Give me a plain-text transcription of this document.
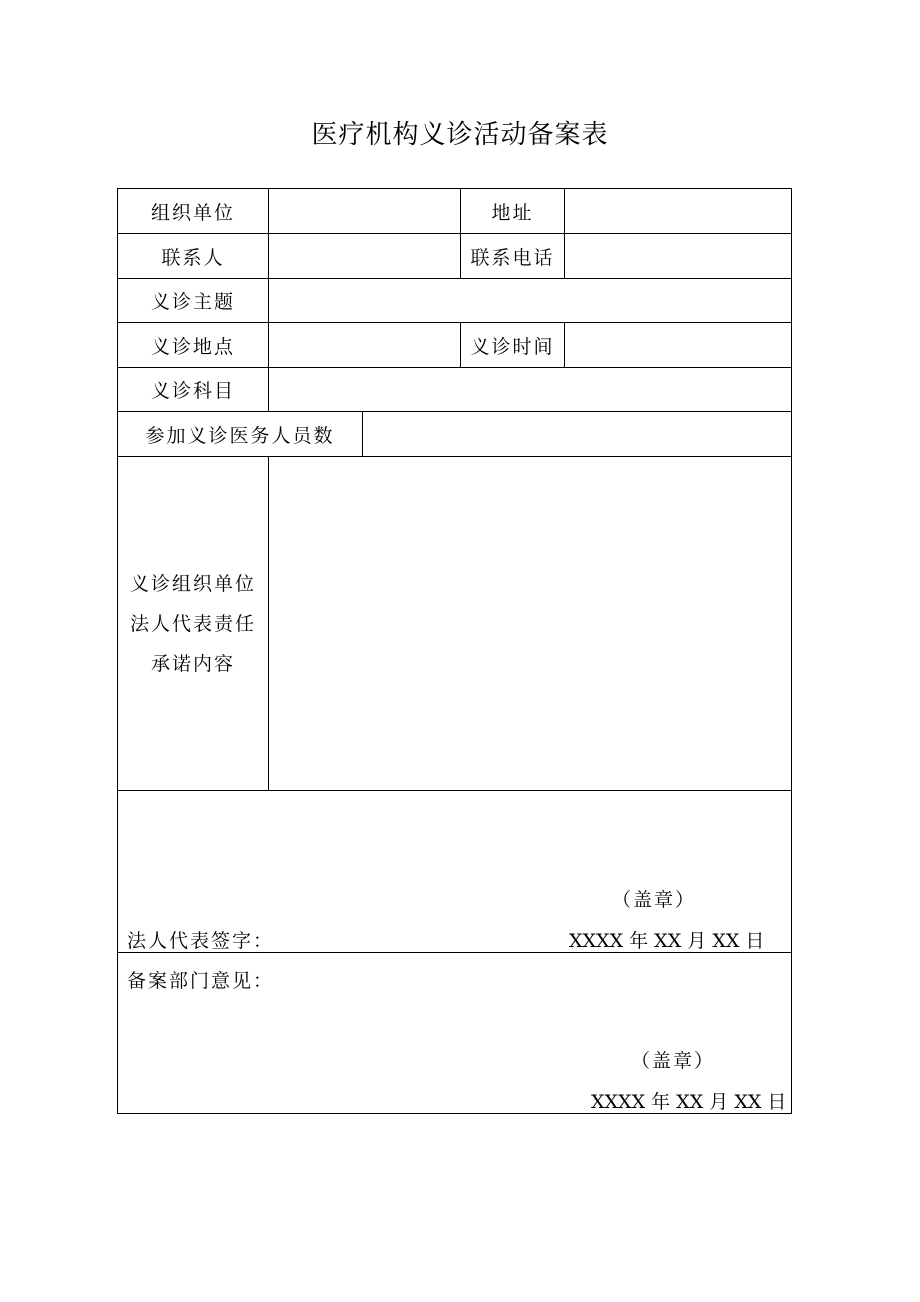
医疗机构义诊活动备案表
组织单位	地址
联系人	联系电话
义诊主题
义诊地点	义诊时间
义诊科目
参加义诊医务人员数
义诊组织单位
法人代表责任
承诺内容
（盖章）
法人代表签字：	XXXX 年 XX 月 XX 日
备案部门意见：
（盖章）
XXXX 年 XX 月 XX 日
